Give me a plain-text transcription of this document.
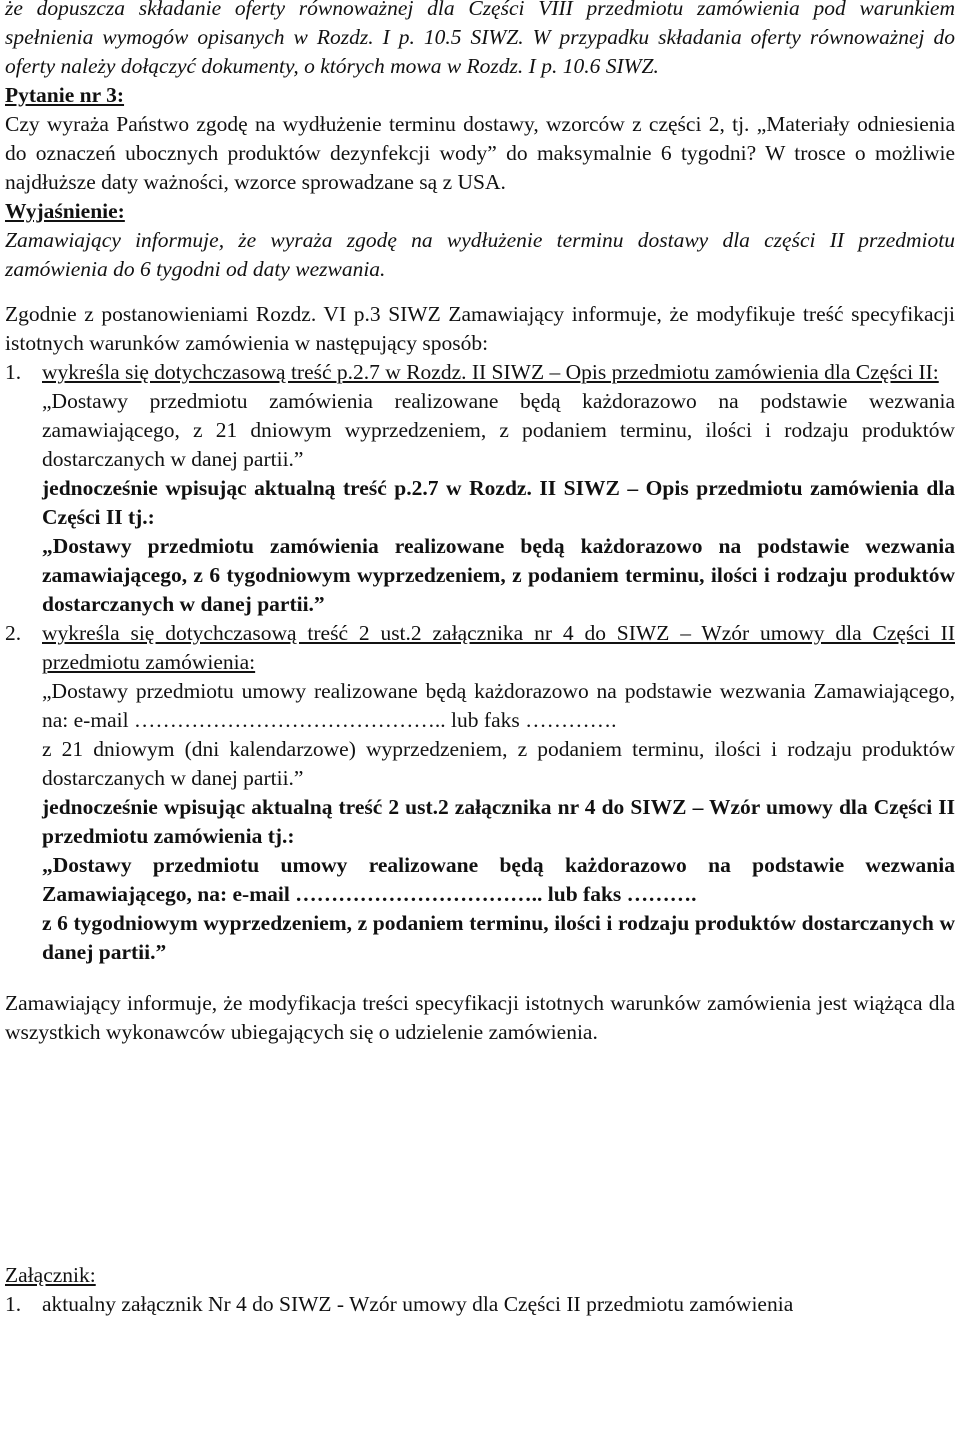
że dopuszcza składanie oferty równoważnej dla Części VIII przedmiotu zamówienia pod warunkiem spełnienia wymogów opisanych w Rozdz. I p. 10.5 SIWZ. W przypadku składania oferty równoważnej do oferty należy dołączyć dokumenty, o których mowa w Rozdz. I p. 10.6 SIWZ.

Pytanie nr 3:

Czy wyraża Państwo zgodę na wydłużenie terminu dostawy, wzorców z części 2, tj. „Materiały odniesienia do oznaczeń ubocznych produktów dezynfekcji wody” do maksymalnie 6 tygodni? W trosce o możliwie najdłuższe daty ważności, wzorce sprowadzane są z USA.

Wyjaśnienie:

Zamawiający informuje, że wyraża zgodę na wydłużenie terminu dostawy dla części II przedmiotu zamówienia do 6 tygodni od daty wezwania.

Zgodnie z postanowieniami Rozdz. VI p.3 SIWZ Zamawiający informuje, że modyfikuje treść specyfikacji istotnych warunków zamówienia w następujący sposób:

1. wykreśla się dotychczasową treść p.2.7 w Rozdz. II SIWZ – Opis przedmiotu zamówienia dla Części II:

„Dostawy przedmiotu zamówienia realizowane będą każdorazowo na podstawie wezwania zamawiającego, z 21 dniowym wyprzedzeniem, z podaniem terminu, ilości i rodzaju produktów dostarczanych w danej partii.”

jednocześnie wpisując aktualną treść p.2.7 w Rozdz. II SIWZ – Opis przedmiotu zamówienia dla Części II tj.:

„Dostawy przedmiotu zamówienia realizowane będą każdorazowo na podstawie wezwania zamawiającego, z 6 tygodniowym wyprzedzeniem, z podaniem terminu, ilości i rodzaju produktów dostarczanych w danej partii.”

2. wykreśla się dotychczasową treść 2 ust.2 załącznika nr 4 do SIWZ – Wzór umowy dla Części II przedmiotu zamówienia:

„Dostawy przedmiotu umowy realizowane będą każdorazowo na podstawie wezwania Zamawiającego, na: e-mail …………………………………….. lub faks ………….

z 21 dniowym (dni kalendarzowe) wyprzedzeniem, z podaniem terminu, ilości i rodzaju produktów dostarczanych w danej partii.”

jednocześnie wpisując aktualną treść 2 ust.2 załącznika nr 4 do SIWZ – Wzór umowy dla Części II przedmiotu zamówienia tj.:

„Dostawy przedmiotu umowy realizowane będą każdorazowo na podstawie wezwania Zamawiającego, na: e-mail …………………………….. lub faks ……….

z 6 tygodniowym wyprzedzeniem, z podaniem terminu, ilości i rodzaju produktów dostarczanych w danej partii.”

Zamawiający informuje, że modyfikacja treści specyfikacji istotnych warunków zamówienia jest wiążąca dla wszystkich wykonawców ubiegających się o udzielenie zamówienia.

Załącznik:

1. aktualny załącznik Nr 4 do SIWZ - Wzór umowy dla Części II przedmiotu zamówienia
